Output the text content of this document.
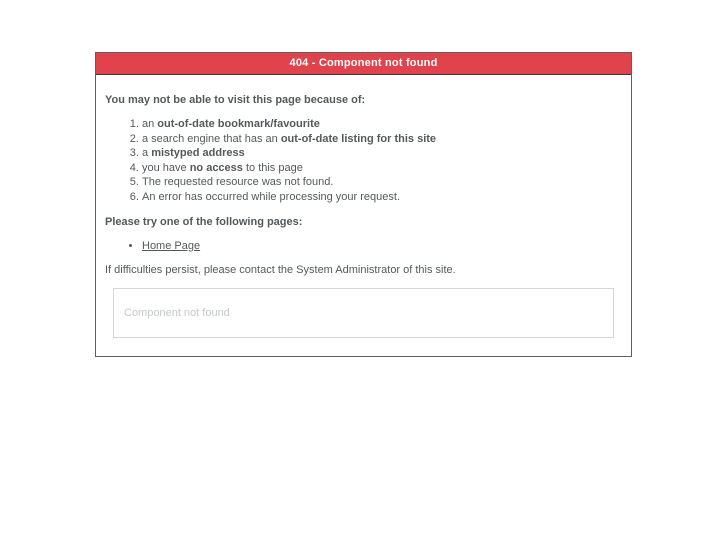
404 - Component not found

You may not be able to visit this page because of:

1. an out-of-date bookmark/favourite
2. a search engine that has an out-of-date listing for this site
3. a mistyped address
4. you have no access to this page
5. The requested resource was not found.
6. An error has occurred while processing your request.

Please try one of the following pages:

• Home Page

If difficulties persist, please contact the System Administrator of this site.

Component not found
